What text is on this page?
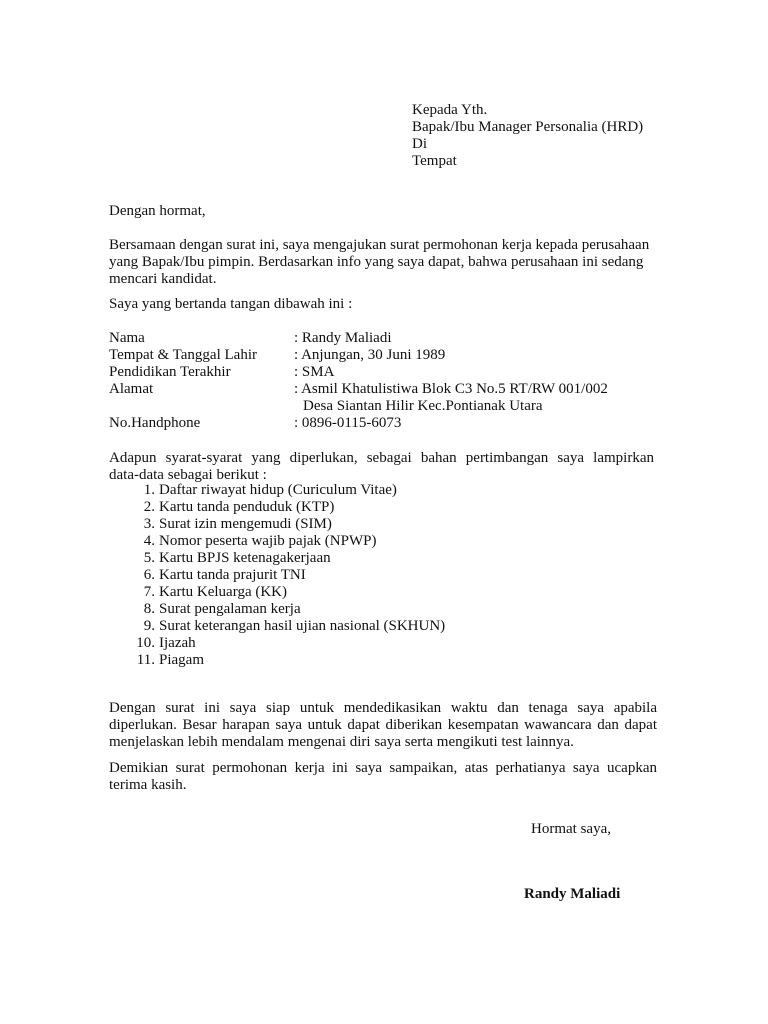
Kepada Yth.
Bapak/Ibu Manager Personalia (HRD)
Di
Tempat
Dengan hormat,
Bersamaan dengan surat ini, saya mengajukan surat permohonan kerja kepada perusahaan
yang Bapak/Ibu pimpin. Berdasarkan info yang saya dapat, bahwa perusahaan ini sedang
mencari kandidat.
Saya yang bertanda tangan dibawah ini :
Nama	: Randy Maliadi
Tempat & Tanggal Lahir	: Anjungan, 30 Juni 1989
Pendidikan Terakhir	: SMA
Alamat	: Asmil Khatulistiwa Blok C3 No.5 RT/RW 001/002
Desa Siantan Hilir Kec.Pontianak Utara
No.Handphone	: 0896-0115-6073
Adapun syarat-syarat yang diperlukan, sebagai bahan pertimbangan saya lampirkan
data-data sebagai berikut :
1. Daftar riwayat hidup (Curiculum Vitae)
2. Kartu tanda penduduk (KTP)
3. Surat izin mengemudi (SIM)
4. Nomor peserta wajib pajak (NPWP)
5. Kartu BPJS ketenagakerjaan
6. Kartu tanda prajurit TNI
7. Kartu Keluarga (KK)
8. Surat pengalaman kerja
9. Surat keterangan hasil ujian nasional (SKHUN)
10. Ijazah
11. Piagam
Dengan surat ini saya siap untuk mendedikasikan waktu dan tenaga saya apabila
diperlukan. Besar harapan saya untuk dapat diberikan kesempatan wawancara dan dapat
menjelaskan lebih mendalam mengenai diri saya serta mengikuti test lainnya.
Demikian surat permohonan kerja ini saya sampaikan, atas perhatianya saya ucapkan
terima kasih.
Hormat saya,
Randy Maliadi
